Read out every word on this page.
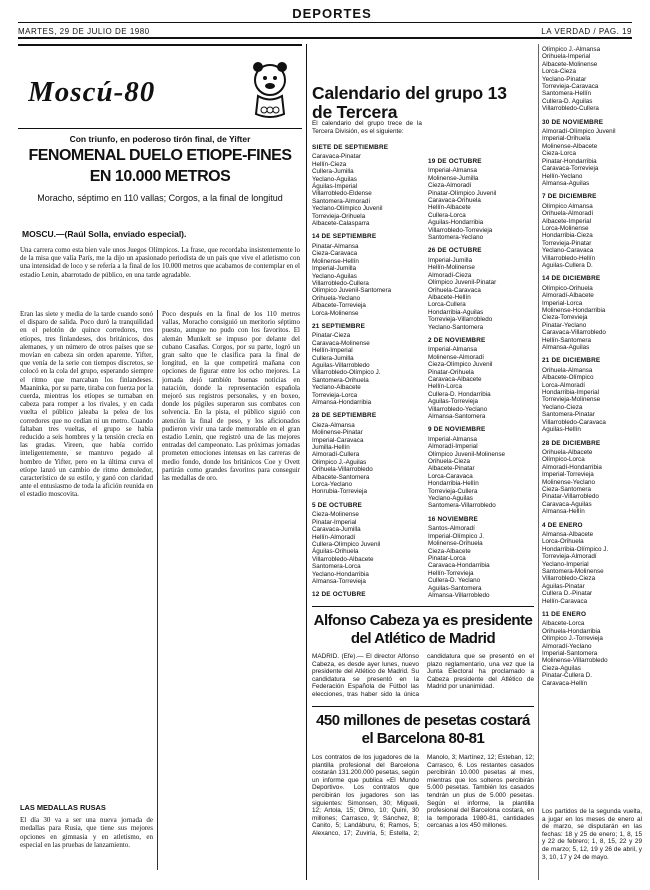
DEPORTES
MARTES, 29 DE JULIO DE 1980	LA VERDAD / PAG. 19
Moscú-80
Con triunfo, en poderoso tirón final, de Yifter
FENOMENAL DUELO ETIOPE-FINES
EN 10.000 METROS
Moracho, séptimo en 110 vallas; Corgos, a la final de longitud
MOSCU.—(Raúl Solla, enviado especial).
Una carrera como esta bien vale unos Juegos Olímpicos. La frase, que recordaba insistentemente lo de la misa que valía París, me la dijo un apasionado periodista de un país que vive el atletismo con una intensidad de loco y se refería a la final de los 10.000 metros que acabamos de contemplar en el estadio Lenin, abarrotado de público, en una tarde agradable.

Eran las siete y media de la tarde cuando sonó el disparo de salida. Poco duró la tranquilidad en el pelotón de quince corredores, tres etíopes, tres finlandeses, dos británicos, dos alemanes, y un número de otros países que se movían en cabeza sin orden aparente. Yifter, que venía de la serie con tiempos discretos, se colocó en la cola del grupo, esperando siempre el ritmo que marcaban los finlandeses. Maaninka, por su parte, tiraba con fuerza por la cuerda, mientras los etíopes se turnaban en cabeza para romper a los rivales, y en cada vuelta el público jaleaba la pelea de los corredores que no cedían ni un metro. Cuando faltaban tres vueltas, el grupo se había reducido a seis hombres y la tensión crecía en las gradas. Vireen, que había corrido inteligentemente, se mantuvo pegado al hombro de Yifter, pero en la última curva el etíope lanzó un cambio de ritmo demoledor, característico de su estilo, y ganó con claridad ante el entusiasmo de toda la afición reunida en el estadio moscovita.

LAS MEDALLAS RUSAS

El día 30 va a ser una nueva jornada de medallas para Rusia, que tiene sus mejores opciones en gimnasia y en atletismo, en especial en las pruebas de lanzamiento.

Poco después en la final de los 110 metros vallas, Moracho consiguió un meritorio séptimo puesto, aunque no pudo con los favoritos. El alemán Munkelt se impuso por delante del cubano Casañas. Corgos, por su parte, logró un gran salto que le clasifica para la final de longitud, en la que competirá mañana con opciones de figurar entre los ocho mejores. La jornada dejó también buenas noticias en natación, donde la representación española mejoró sus registros personales, y en boxeo, donde los púgiles superaron sus combates con solvencia. En la pista, el público siguió con atención la final de peso, y los aficionados pudieron vivir una tarde memorable en el gran estadio Lenin, que registró una de las mejores entradas del campeonato. Las próximas jornadas prometen emociones intensas en las carreras de medio fondo, donde los británicos Coe y Ovett partirán como grandes favoritos para conseguir las medallas de oro.
Calendario del grupo 13 de Tercera
El calendario del grupo trece de la Tercera División, es el siguiente:
SIETE DE SEPTIEMBRE
Caravaca-Pinatar
Hellín-Cieza
Cullera-Jumilla
Yeclano-Aguilas
Águilas-Imperial
Villarrobledo-Eldense
Santomera-Almoradí
Yeclano-Olímpico Juvenil
Torrevieja-Orihuela
Albacete-Calasparra
14 DE SEPTIEMBRE
Pinatar-Almansa
Cieza-Caravaca
Molinense-Hellín
Imperial-Jumilla
Yeclano-Aguilas
Villarrobledo-Cullera
Olímpico Juvenil-Santomera
Orihuela-Yeclano
Albacete-Torrevieja
Lorca-Molinense
21 SEPTIEMBRE
Pinatar-Cieza
Caravaca-Molinense
Hellín-Imperial
Cullera-Jumilla
Aguilas-Villarrobledo
Villarrobledo-Olímpico J.
Santomera-Orihuela
Yeclano-Albacete
Torrevieja-Lorca
Almansa-Hondarribia
28 DE SEPTIEMBRE
Cieza-Almansa
Molinense-Pinatar
Imperial-Caravaca
Jumilla-Hellín
Almoradí-Cullera
Olímpico J.-Aguilas
Orihuela-Villarrobledo
Albacete-Santomera
Lorca-Yeclano
Honrubia-Torrevieja
5 DE OCTUBRE
Cieza-Molinense
Pinatar-Imperial
Caravaca-Jumilla
Hellín-Almoradí
Cullera-Olímpico Juvenil
Águilas-Orihuela
Villarrobledo-Albacete
Santomera-Lorca
Yeclano-Hondarribia
Almansa-Torrevieja
12 DE OCTUBRE
19 DE OCTUBRE
Imperial-Almansa
Molinense-Jumilla
Cieza-Almoradí
Pinatar-Olímpico Juvenil
Caravaca-Orihuela
Hellín-Albacete
Cullera-Lorca
Aguilas-Hondarribia
Villarrobledo-Torrevieja
Santomera-Yeclano
26 DE OCTUBRE
Imperial-Jumilla
Hellín-Molinense
Almoradí-Cieza
Olímpico Juvenil-Pinatar
Orihuela-Caravaca
Albacete-Hellín
Lorca-Cullera
Hondarribia-Aguilas
Torrevieja-Villarrobledo
Yeclano-Santomera
2 DE NOVIEMBRE
Imperial-Almansa
Molinense-Almoradí
Cieza-Olímpico Juvenil
Pinatar-Orihuela
Caravaca-Albacete
Hellín-Lorca
Cullera-D. Hondarribia
Aguilas-Torrevieja
Villarrobledo-Yeclano
Almansa-Santomera
9 DE NOVIEMBRE
Imperial-Almansa
Almoradí-Imperial
Olímpico Juvenil-Molinense
Orihuela-Cieza
Albacete-Pinatar
Lorca-Caravaca
Hondarribia-Hellín
Torrevieja-Cullera
Yeclano-Aguilas
Santomera-Villarrobledo
16 NOVIEMBRE
Santos-Almoradí
Imperial-Olímpico J.
Molinense-Orihuela
Cieza-Albacete
Pinatar-Lorca
Caravaca-Hondarribia
Hellín-Torrevieja
Cullera-D. Yeclano
Aguilas-Santomera
Almansa-Villarrobledo
Olímpico J.-Almansa
Orihuela-Imperial
Albacete-Molinense
Lorca-Cieza
Yeclano-Pinatar
Torrevieja-Caravaca
Santomera-Hellín
Cullera-D. Aguilas
Villarrobledo-Cullera
30 DE NOVIEMBRE
Almoradí-Olímpico Juvenil
Imperial-Orihuela
Molinense-Albacete
Cieza-Lorca
Pinatar-Hondarribia
Caravaca-Torrevieja
Hellín-Yeclano
Almansa-Aguilas
7 DE DICIEMBRE
Olímpico Almansa
Orihuela-Almoradí
Albacete-Imperial
Lorca-Molinense
Hondarribia-Cieza
Torrevieja-Pinatar
Yeclano-Caravaca
Villarrobledo-Hellín
Aguilas-Cullera D.
14 DE DICIEMBRE
Olímpico-Orihuela
Almoradí-Albacete
Imperial-Lorca
Molinense-Hondarribia
Cieza-Torrevieja
Pinatar-Yeclano
Caravaca-Villarrobledo
Hellín-Santomera
Almansa-Aguilas
21 DE DICIEMBRE
Orihuela-Almansa
Albacete-Olímpico
Lorca-Almoradí
Hondarribia-Imperial
Torrevieja-Molinense
Yeclano-Cieza
Santomera-Pinatar
Villarrobledo-Caravaca
Aguilas-Hellín
28 DE DICIEMBRE
Orihuela-Albacete
Olímpico-Lorca
Almoradí-Hondarribia
Imperial-Torrevieja
Molinense-Yeclano
Cieza-Santomera
Pinatar-Villarrobledo
Caravaca-Aguilas
Almansa-Hellín
4 DE ENERO
Almansa-Albacete
Lorca-Orihuela
Hondarribia-Olímpico J.
Torrevieja-Almoradí
Yeclano-Imperial
Santomera-Molinense
Villarrobledo-Cieza
Aguilas-Pinatar
Cullera D.-Pinatar
Hellín-Caravaca
11 DE ENERO
Albacete-Lorca
Orihuela-Hondarribia
Olímpico J.-Torrevieja
Almoradí-Yeclano
Imperial-Santomera
Molinense-Villarrobledo
Cieza-Aguilas
Pinatar-Cullera D.
Caravaca-Hellín
Los partidos de la segunda vuelta, a jugar en los meses de enero al de marzo, se disputarán en las fechas: 18 y 25 de enero; 1, 8, 15 y 22 de febrero; 1, 8, 15, 22 y 29 de marzo; 5, 12, 19 y 26 de abril, y 3, 10, 17 y 24 de mayo.
Alfonso Cabeza ya es presidente del Atlético de Madrid
MADRID. (Efe).— El director Alfonso Cabeza, es desde ayer lunes, nuevo presidente del Atlético de Madrid. Su candidatura se presentó en la Federación Española de Fútbol las elecciones, tras haber sido la única candidatura que se presentó en el plazo reglamentario, una vez que la Junta Electoral ha proclamado a Cabeza presidente del Atlético de Madrid por unanimidad.
450 millones de pesetas costará el Barcelona 80-81
Los contratos de los jugadores de la plantilla profesional del Barcelona costarán 131.200.000 pesetas, según un informe que publica «El Mundo Deportivo». Los contratos que percibirán los jugadores son las siguientes: Simonsen, 30; Migueli, 12; Artola, 15; Olmo, 10; Quini, 30 millones; Carrasco, 9; Sánchez, 8; Canito, 5; Landáburu, 6; Ramos, 5; Alexanco, 17; Zuviría, 5; Estella, 2; Manolo, 3; Martínez, 12; Esteban, 12; Carrasco, 6. Los restantes casados percibirán 10.000 pesetas al mes, mientras que los solteros percibirán 5.000 pesetas. También los casados tendrán un plus de 5.000 pesetas. Según el informe, la plantilla profesional del Barcelona costará, en la temporada 1980-81, cantidades cercanas a los 450 millones.
